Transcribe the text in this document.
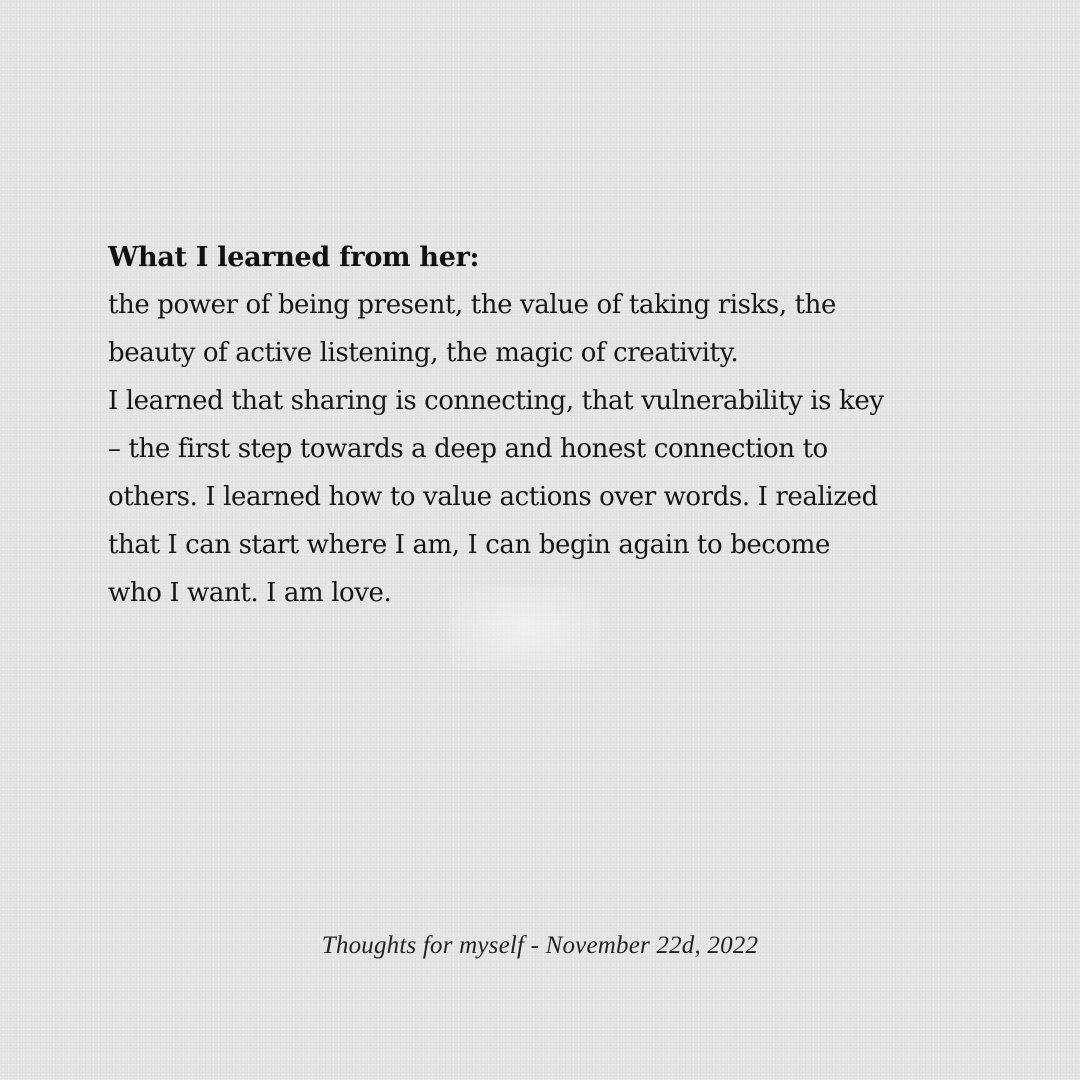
What I learned from her:

the power of being present, the value of taking risks, the

beauty of active listening, the magic of creativity.

I learned that sharing is connecting, that vulnerability is key

– the first step towards a deep and honest connection to

others. I learned how to value actions over words. I realized

that I can start where I am, I can begin again to become

who I want. I am love.

Thoughts for myself - November 22d, 2022
